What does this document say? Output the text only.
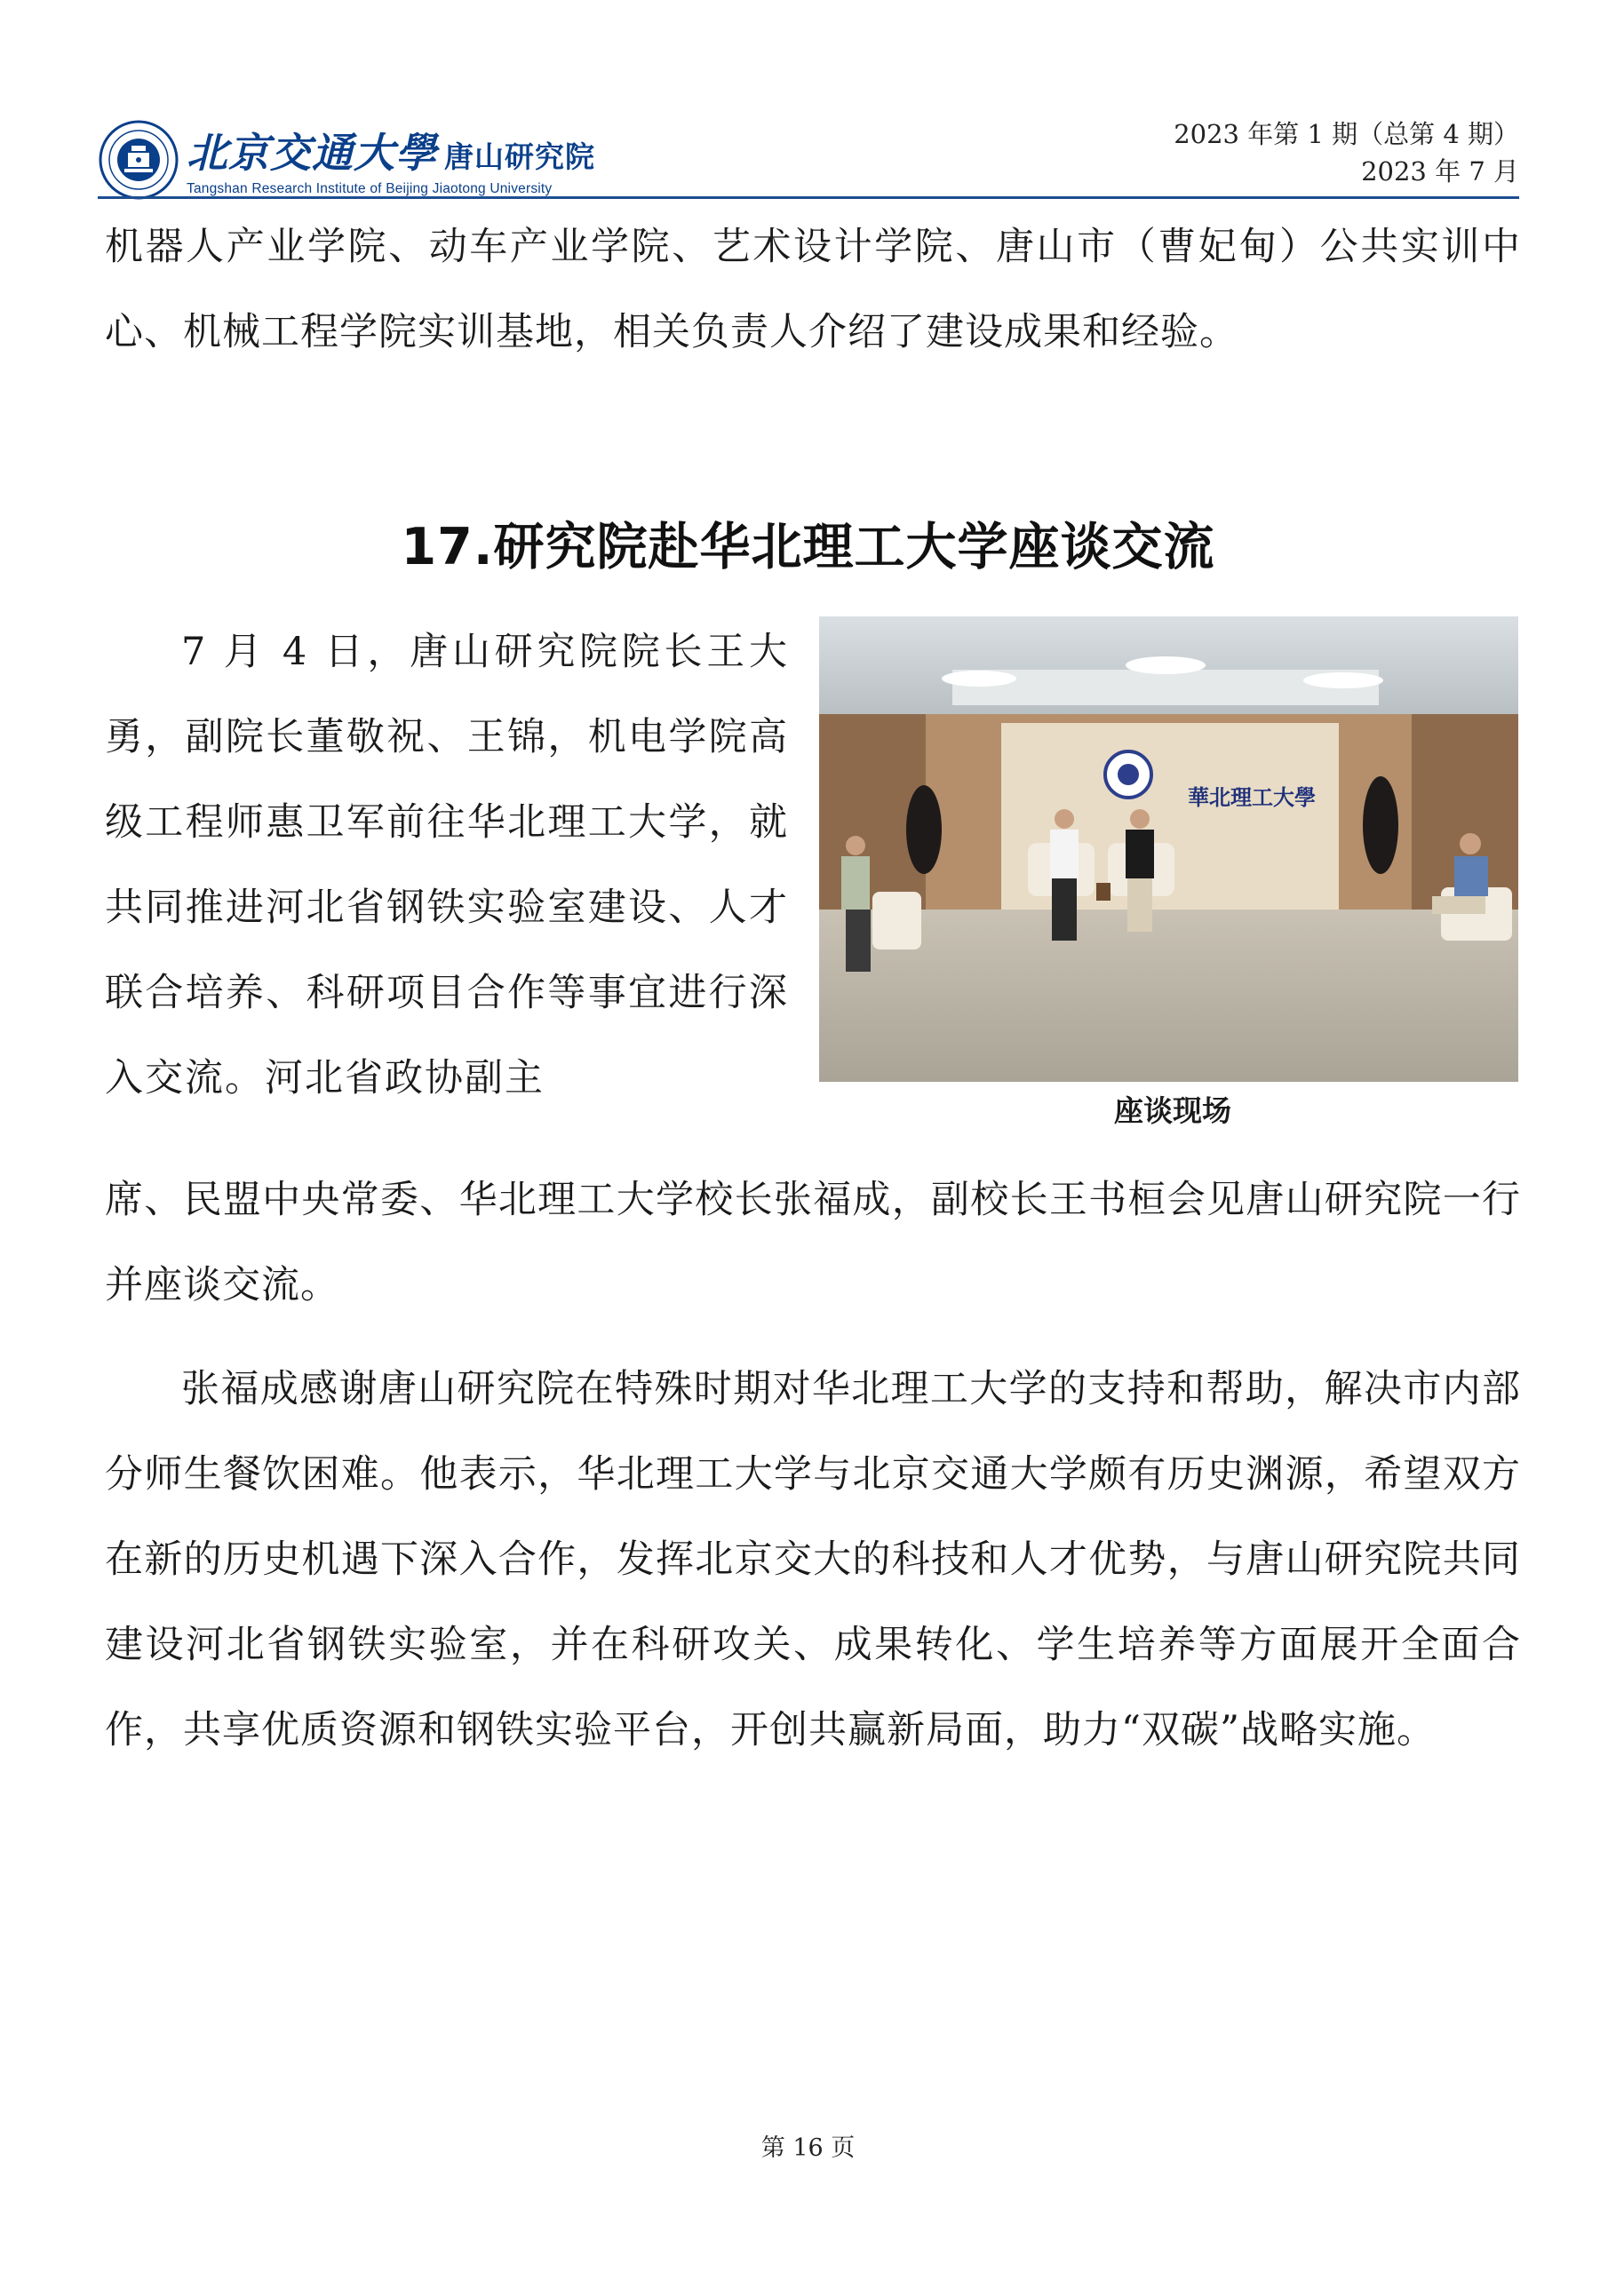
北京交通大學 唐山研究院
Tangshan Research Institute of Beijing Jiaotong University
2023 年第 1 期（总第 4 期）
2023 年 7 月

机器人产业学院、动车产业学院、艺术设计学院、唐山市（曹妃甸）公共实训中心、机械工程学院实训基地，相关负责人介绍了建设成果和经验。

17.研究院赴华北理工大学座谈交流

7 月 4 日，唐山研究院院长王大勇，副院长董敬祝、王锦，机电学院高级工程师惠卫军前往华北理工大学，就共同推进河北省钢铁实验室建设、人才联合培养、科研项目合作等事宜进行深入交流。河北省政协副主

華北理工大學
座谈现场

席、民盟中央常委、华北理工大学校长张福成，副校长王书桓会见唐山研究院一行并座谈交流。

张福成感谢唐山研究院在特殊时期对华北理工大学的支持和帮助，解决市内部分师生餐饮困难。他表示，华北理工大学与北京交通大学颇有历史渊源，希望双方在新的历史机遇下深入合作，发挥北京交大的科技和人才优势，与唐山研究院共同建设河北省钢铁实验室，并在科研攻关、成果转化、学生培养等方面展开全面合作，共享优质资源和钢铁实验平台，开创共赢新局面，助力“双碳”战略实施。

第 16 页
